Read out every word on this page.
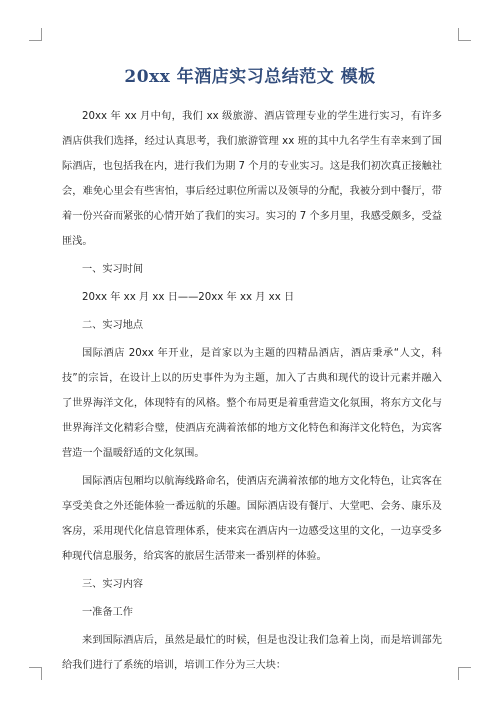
20xx 年酒店实习总结范文 模板

20xx 年 xx 月中旬，我们 xx 级旅游、酒店管理专业的学生进行实习，有许多酒店供我们选择，经过认真思考，我们旅游管理 xx 班的其中九名学生有幸来到了国际酒店，也包括我在内，进行我们为期 7 个月的专业实习。这是我们初次真正接触社会，难免心里会有些害怕，事后经过职位所需以及领导的分配，我被分到中餐厅，带着一份兴奋而紧张的心情开始了我们的实习。实习的 7 个多月里，我感受颇多，受益匪浅。

一、实习时间

20xx 年 xx 月 xx 日——20xx 年 xx 月 xx 日

二、实习地点

国际酒店 20xx 年开业，是首家以为主题的四精品酒店，酒店秉承“人文，科技”的宗旨，在设计上以的历史事件为为主题，加入了古典和现代的设计元素并融入了世界海洋文化，体现特有的风格。整个布局更是着重营造文化氛围，将东方文化与世界海洋文化精彩合璧，使酒店充满着浓郁的地方文化特色和海洋文化特色，为宾客营造一个温暖舒适的文化氛围。

国际酒店包厢均以航海线路命名，使酒店充满着浓郁的地方文化特色，让宾客在享受美食之外还能体验一番远航的乐趣。国际酒店设有餐厅、大堂吧、会务、康乐及客房，采用现代化信息管理体系，使来宾在酒店内一边感受这里的文化，一边享受多种现代信息服务，给宾客的旅居生活带来一番别样的体验。

三、实习内容

一准备工作

来到国际酒店后，虽然是最忙的时候，但是也没让我们急着上岗，而是培训部先给我们进行了系统的培训，培训工作分为三大块：
